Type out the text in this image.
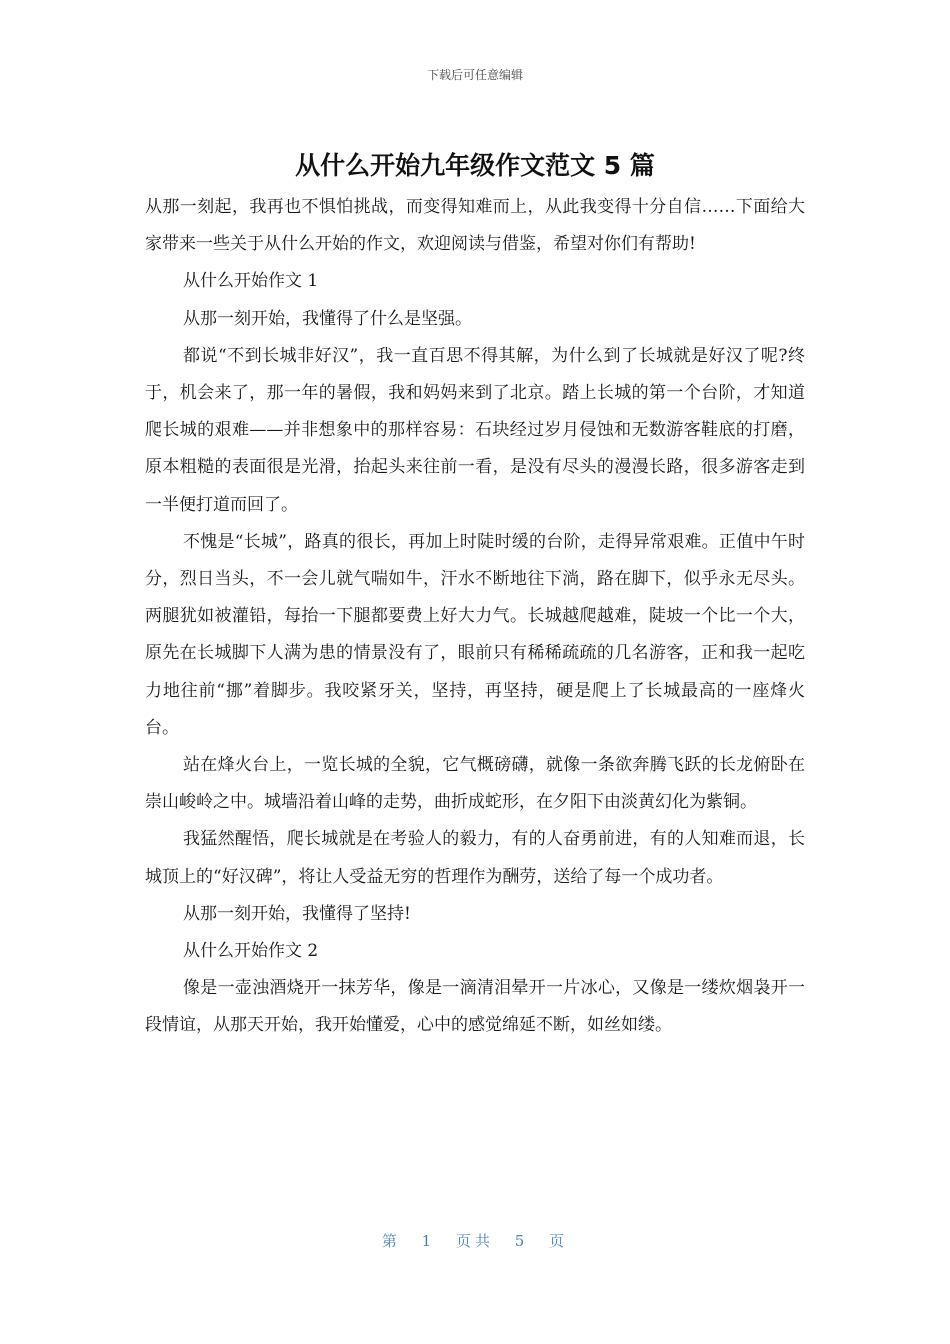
下载后可任意编辑
从什么开始九年级作文范文 5 篇

从那一刻起，我再也不惧怕挑战，而变得知难而上，从此我变得十分自信……下面给大家带来一些关于从什么开始的作文，欢迎阅读与借鉴，希望对你们有帮助!

从什么开始作文 1

从那一刻开始，我懂得了什么是坚强。

都说“不到长城非好汉”，我一直百思不得其解，为什么到了长城就是好汉了呢?终于，机会来了，那一年的暑假，我和妈妈来到了北京。踏上长城的第一个台阶，才知道爬长城的艰难——并非想象中的那样容易：石块经过岁月侵蚀和无数游客鞋底的打磨，原本粗糙的表面很是光滑，抬起头来往前一看，是没有尽头的漫漫长路，很多游客走到一半便打道而回了。

不愧是“长城”，路真的很长，再加上时陡时缓的台阶，走得异常艰难。正值中午时分，烈日当头，不一会儿就气喘如牛，汗水不断地往下淌，路在脚下，似乎永无尽头。两腿犹如被灌铅，每抬一下腿都要费上好大力气。长城越爬越难，陡坡一个比一个大，原先在长城脚下人满为患的情景没有了，眼前只有稀稀疏疏的几名游客，正和我一起吃力地往前“挪”着脚步。我咬紧牙关，坚持，再坚持，硬是爬上了长城最高的一座烽火台。

站在烽火台上，一览长城的全貌，它气概磅礴，就像一条欲奔腾飞跃的长龙俯卧在崇山峻岭之中。城墙沿着山峰的走势，曲折成蛇形，在夕阳下由淡黄幻化为紫铜。

我猛然醒悟，爬长城就是在考验人的毅力，有的人奋勇前进，有的人知难而退，长城顶上的“好汉碑”，将让人受益无穷的哲理作为酬劳，送给了每一个成功者。

从那一刻开始，我懂得了坚持!

从什么开始作文 2

像是一壶浊酒烧开一抹芳华，像是一滴清泪晕开一片冰心，又像是一缕炊烟袅开一段情谊，从那天开始，我开始懂爱，心中的感觉绵延不断，如丝如缕。

第 1 页共 5 页
